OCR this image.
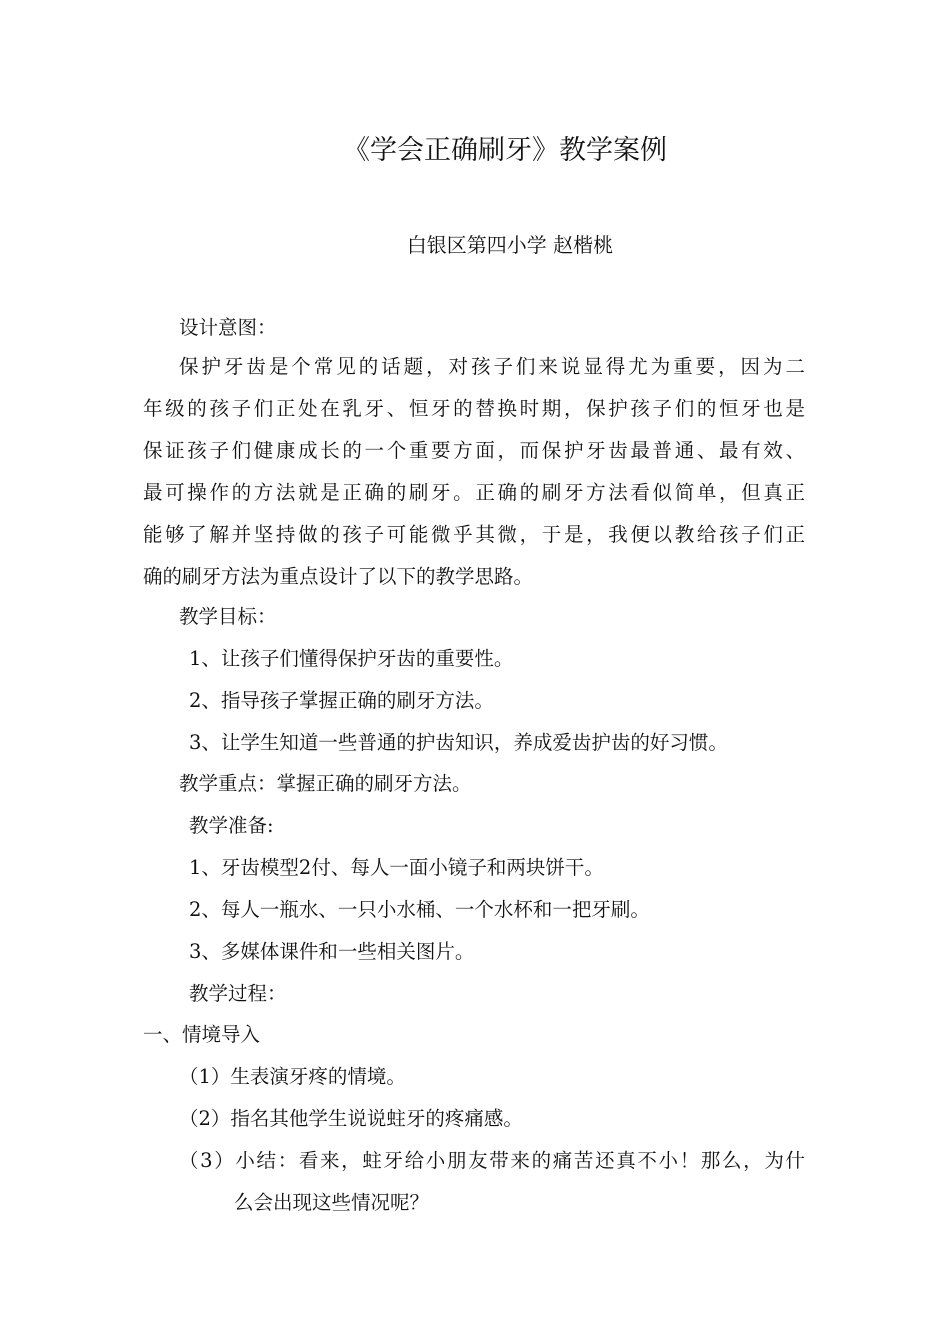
《学会正确刷牙》教学案例
白银区第四小学 赵楷桃
设计意图：
保护牙齿是个常见的话题，对孩子们来说显得尤为重要，因为二
年级的孩子们正处在乳牙、恒牙的替换时期，保护孩子们的恒牙也是
保证孩子们健康成长的一个重要方面，而保护牙齿最普通、最有效、
最可操作的方法就是正确的刷牙。正确的刷牙方法看似简单，但真正
能够了解并坚持做的孩子可能微乎其微，于是，我便以教给孩子们正
确的刷牙方法为重点设计了以下的教学思路。
教学目标：
1、让孩子们懂得保护牙齿的重要性。
2、指导孩子掌握正确的刷牙方法。
3、让学生知道一些普通的护齿知识，养成爱齿护齿的好习惯。
教学重点：掌握正确的刷牙方法。
教学准备:
1、牙齿模型2付、每人一面小镜子和两块饼干。
2、每人一瓶水、一只小水桶、一个水杯和一把牙刷。
3、多媒体课件和一些相关图片。
教学过程：
一、情境导入
（1）生表演牙疼的情境。
（2）指名其他学生说说蛀牙的疼痛感。
（3）小结：看来，蛀牙给小朋友带来的痛苦还真不小！那么，为什
么会出现这些情况呢？
